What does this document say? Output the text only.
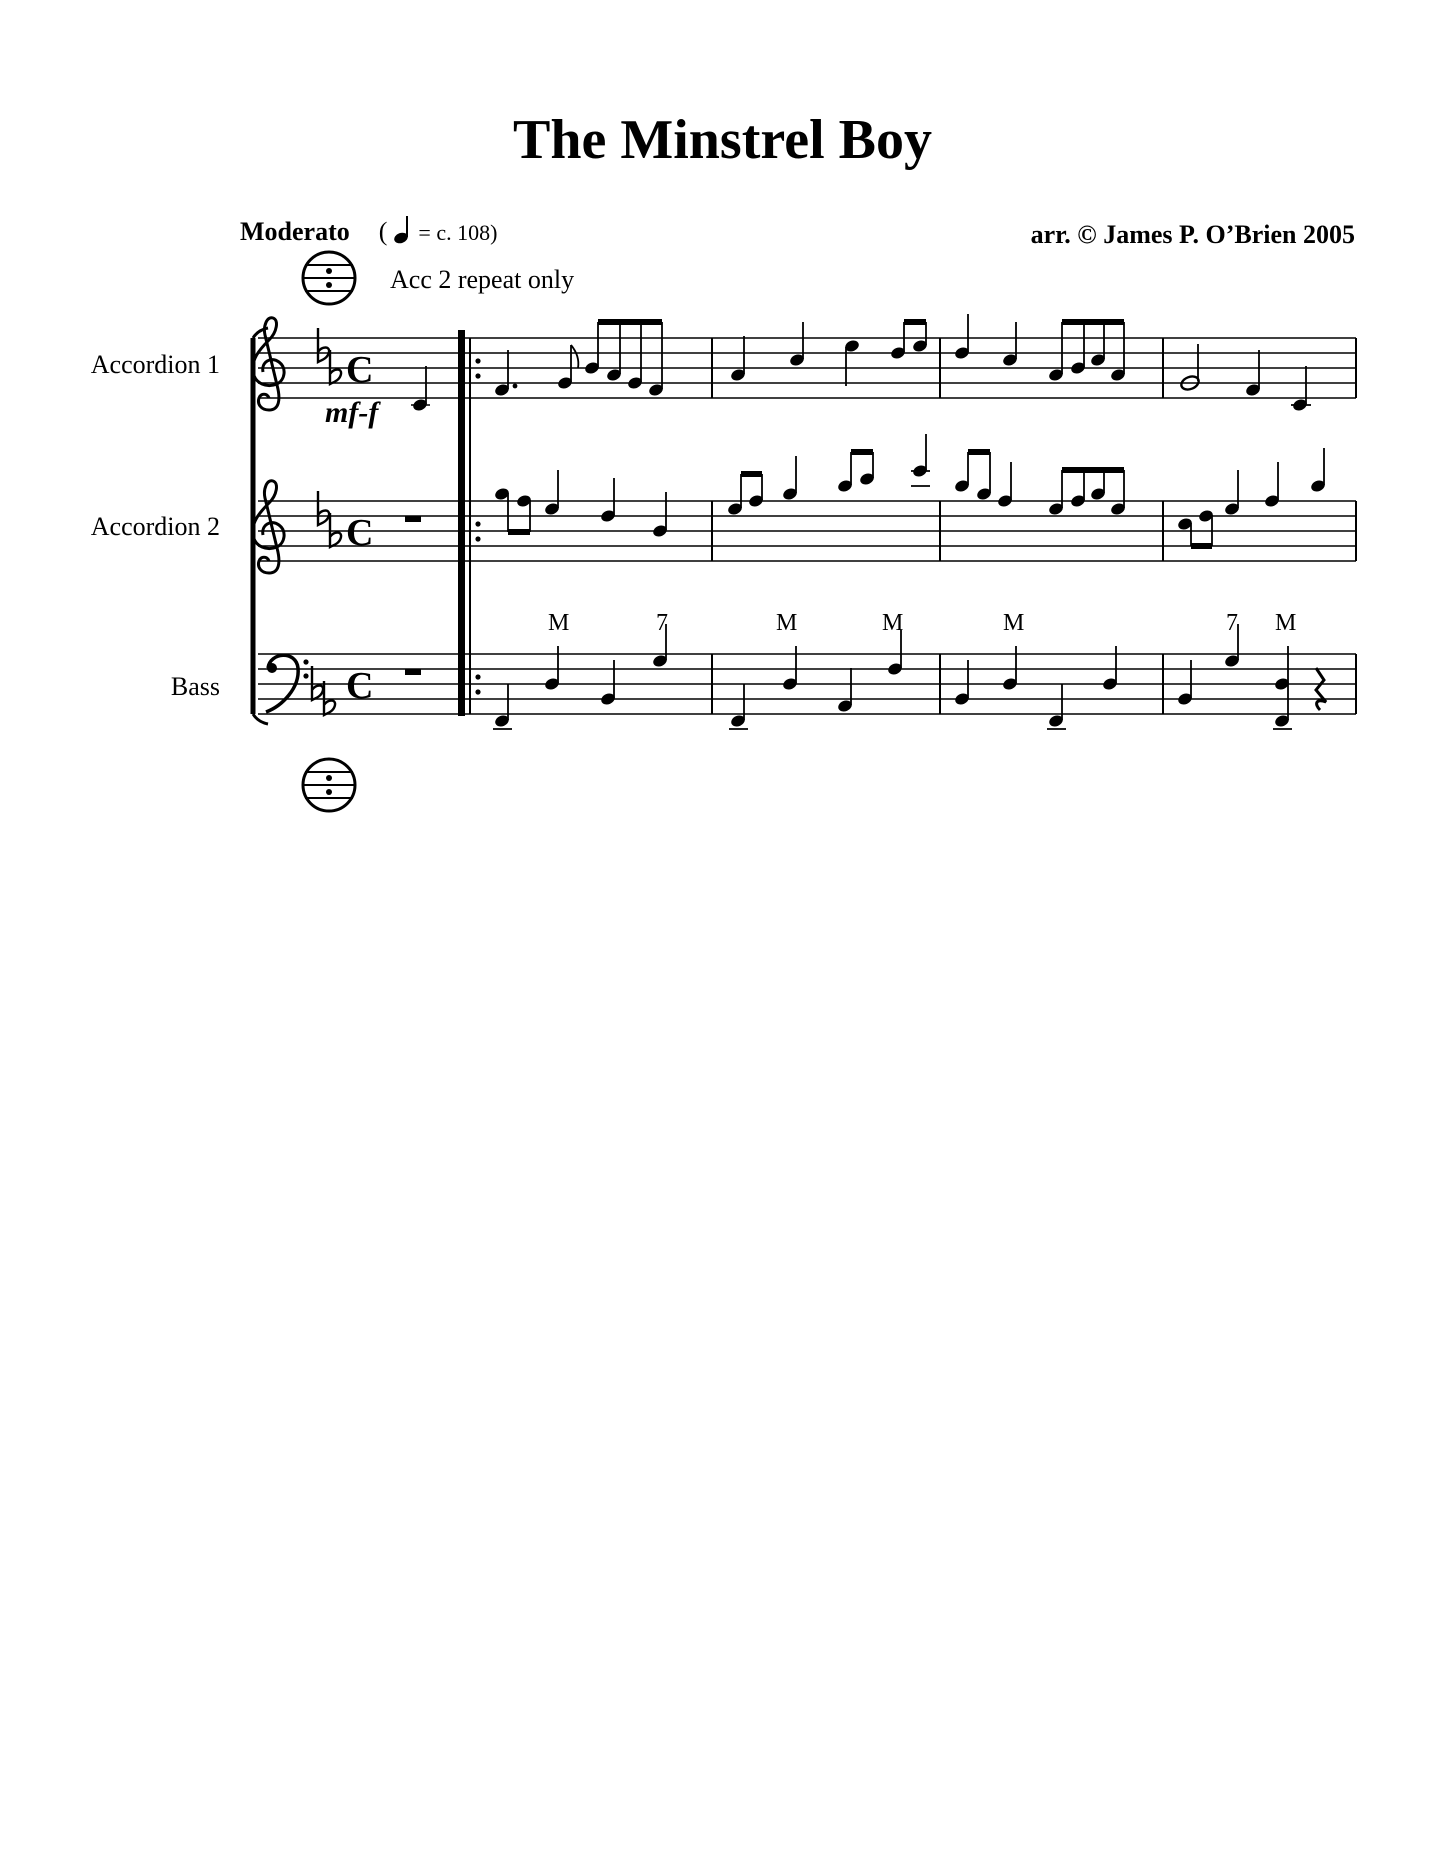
The Minstrel Boy
Moderato ( = c. 108)	arr. © James P. O’Brien 2005
Acc 2 repeat only
Accordion 1
Accordion 2
Bass
mf-f
M	7	M	M	M	7 M
C
C
C
